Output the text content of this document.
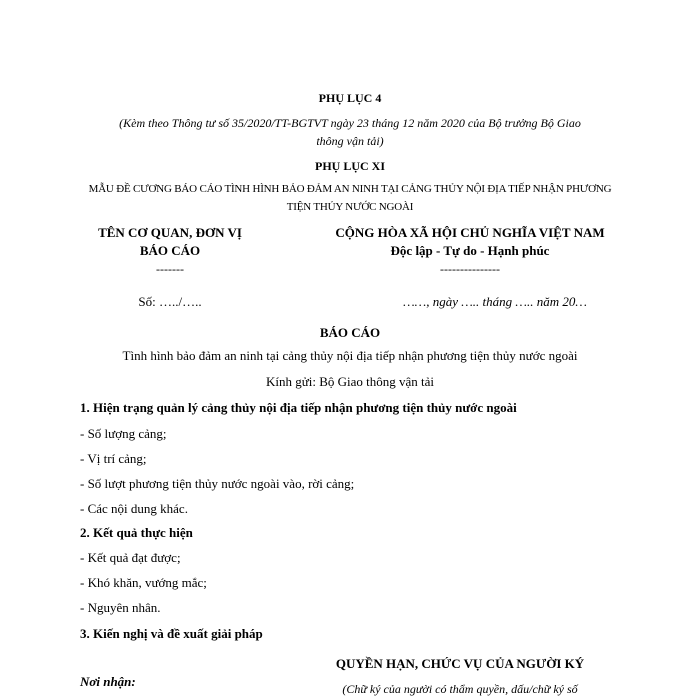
PHỤ LỤC 4
(Kèm theo Thông tư số 35/2020/TT-BGTVT ngày 23 tháng 12 năm 2020 của Bộ trưởng Bộ Giao
thông vận tải)
PHỤ LỤC XI
MẪU ĐỀ CƯƠNG BÁO CÁO TÌNH HÌNH BẢO ĐẢM AN NINH TẠI CẢNG THỦY NỘI ĐỊA TIẾP NHẬN PHƯƠNG
TIỆN THỦY NƯỚC NGOÀI
TÊN CƠ QUAN, ĐƠN VỊ
BÁO CÁO
-------
Số: …../…..
CỘNG HÒA XÃ HỘI CHỦ NGHĨA VIỆT NAM
Độc lập - Tự do - Hạnh phúc
---------------
……, ngày ….. tháng ….. năm 20…
BÁO CÁO
Tình hình bảo đảm an ninh tại cảng thủy nội địa tiếp nhận phương tiện thủy nước ngoài
Kính gửi: Bộ Giao thông vận tải
1. Hiện trạng quản lý cảng thủy nội địa tiếp nhận phương tiện thủy nước ngoài
- Số lượng cảng;
- Vị trí cảng;
- Số lượt phương tiện thủy nước ngoài vào, rời cảng;
- Các nội dung khác.
2. Kết quả thực hiện
- Kết quả đạt được;
- Khó khăn, vướng mắc;
- Nguyên nhân.
3. Kiến nghị và đề xuất giải pháp
QUYỀN HẠN, CHỨC VỤ CỦA NGƯỜI KÝ
Nơi nhận:	(Chữ ký của người có thẩm quyền, dấu/chữ ký số
